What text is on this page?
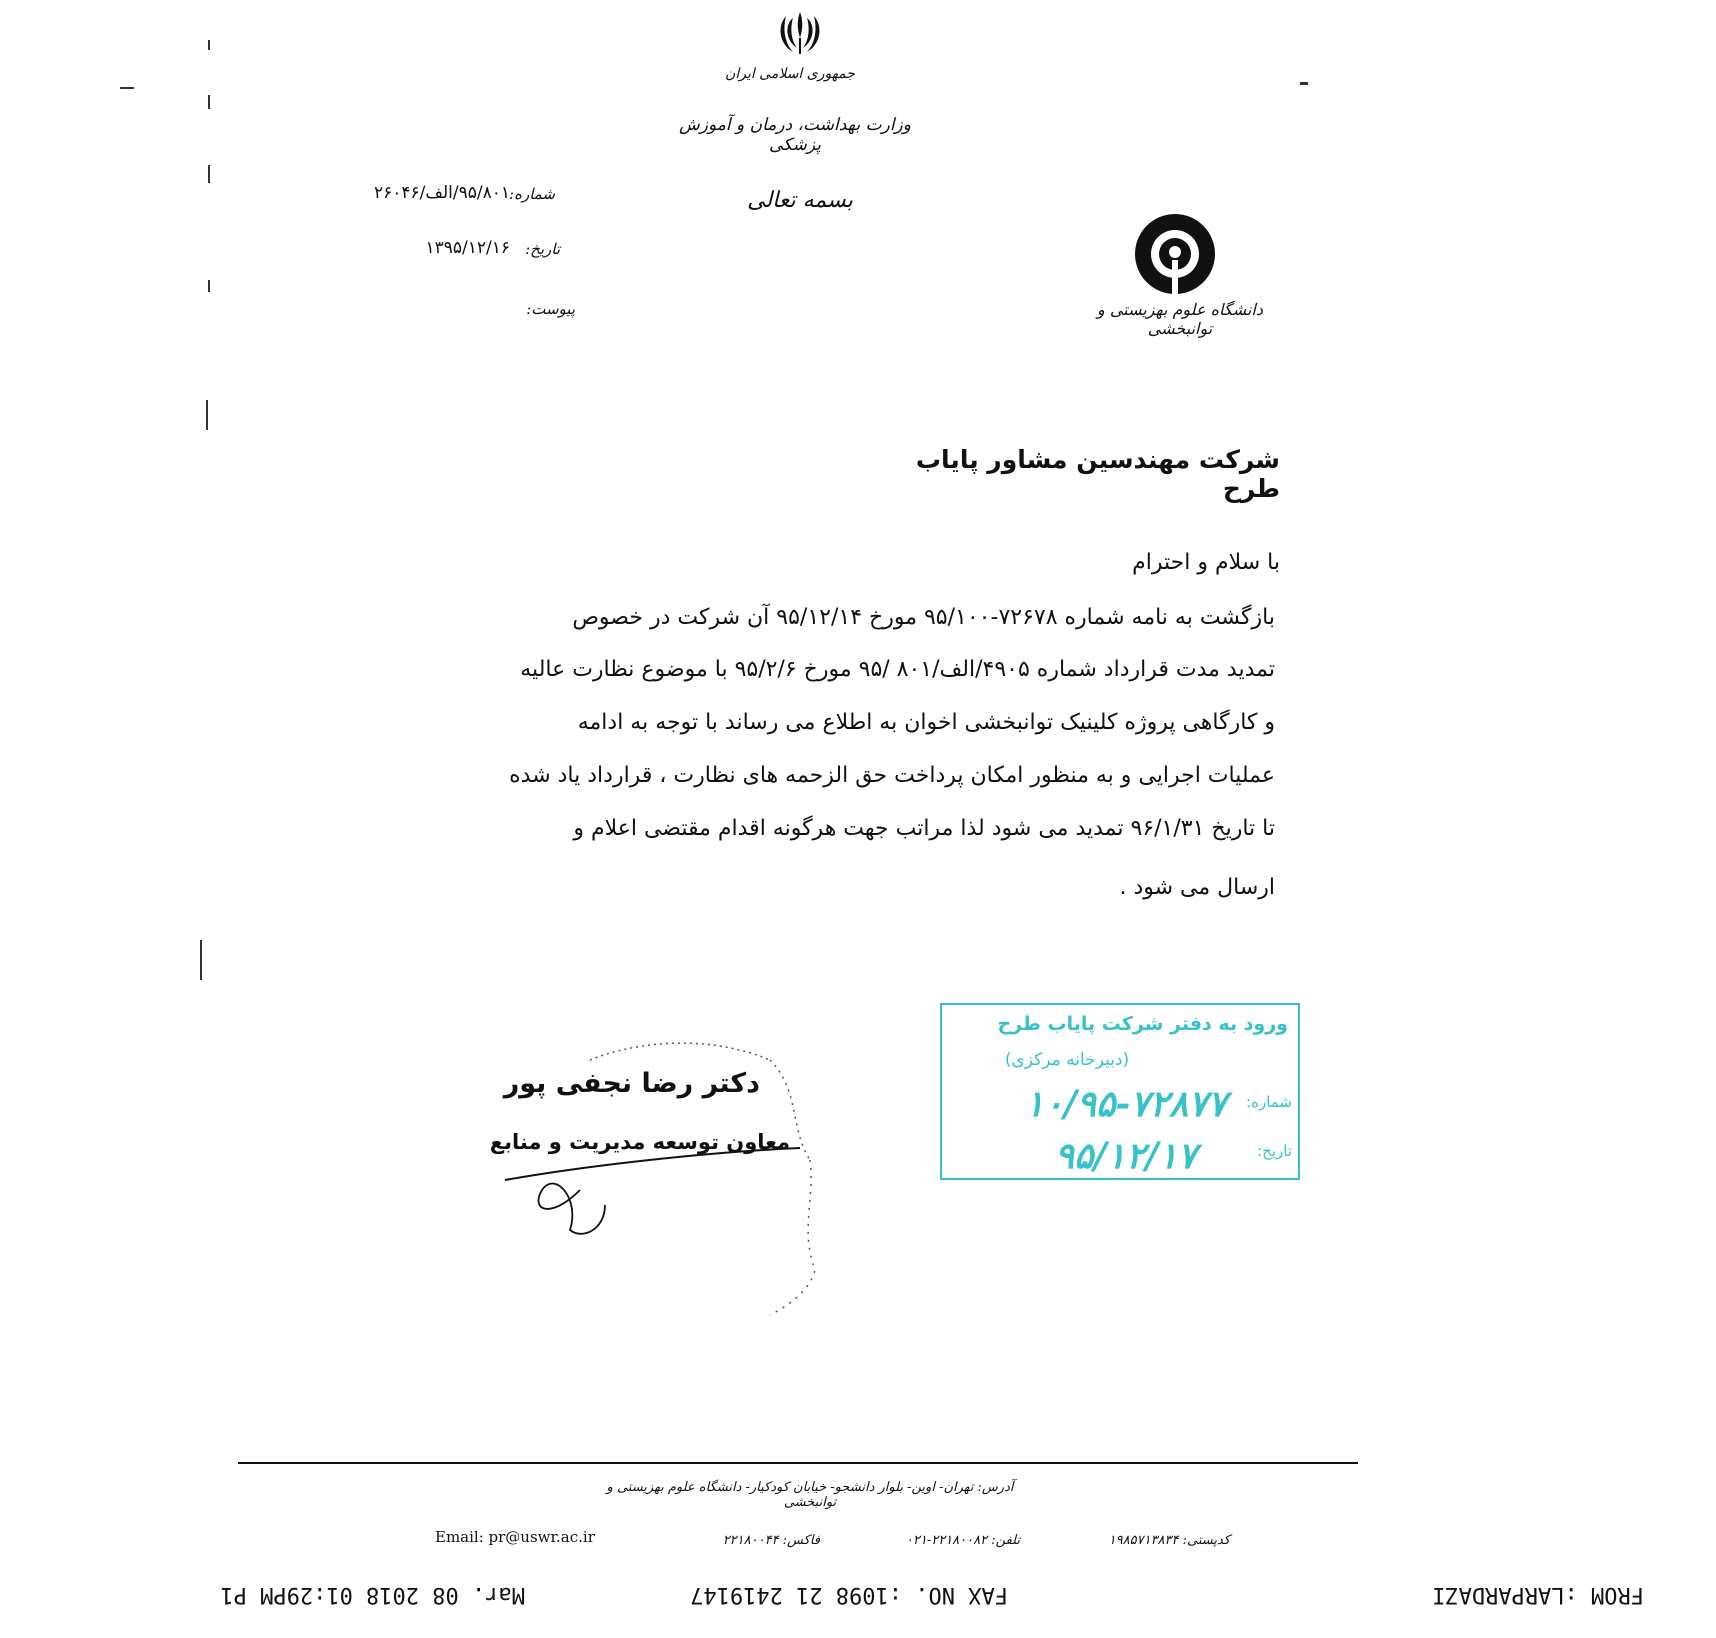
جمهوری اسلامی ایران
وزارت بهداشت، درمان و آموزش پزشکی
بسمه تعالی
دانشگاه علوم بهزیستی و توانبخشی
شماره:
۹۵/۸۰۱/الف/۲۶۰۴۶
تاریخ:
۱۳۹۵/۱۲/۱۶
پیوست:
شرکت مهندسین مشاور پایاب طرح
با سلام و احترام
بازگشت به نامه شماره ۷۲۶۷۸-۹۵/۱۰۰ مورخ ۹۵/۱۲/۱۴ آن شرکت در خصوص
تمدید مدت قرارداد شماره ۴۹۰۵/الف/۸۰۱ /۹۵ مورخ ۹۵/۲/۶ با موضوع نظارت عالیه
و کارگاهی پروژه کلینیک توانبخشی اخوان به اطلاع می رساند با توجه به ادامه
عملیات اجرایی و به منظور امکان پرداخت حق الزحمه های نظارت ، قرارداد یاد شده
تا تاریخ ۹۶/۱/۳۱ تمدید می شود لذا مراتب جهت هرگونه اقدام مقتضی اعلام و
ارسال می شود .
دکتر رضا نجفی پور
معاون توسعه مدیریت و منابع
ورود به دفتر شرکت پایاب طرح
(دبیرخانه مرکزی)
شماره:
تاریخ:
۱۰/۹۵-۷۲۸۷۷
۹۵/۱۲/۱۷
آدرس: تهران- اوین- بلوار دانشجو- خیابان کودکیار- دانشگاه علوم بهزیستی و توانبخشی
کدپستی: ۱۹۸۵۷۱۳۸۳۴
تلفن: ۲۲۱۸۰۰۸۲-۰۲۱
فاکس: ۲۲۱۸۰۰۴۴
Email: pr@uswr.ac.ir
Mar. 08 2018 01:29PM P1	FAX NO. :1098 21 2419147	FROM :LARPARDAZI
